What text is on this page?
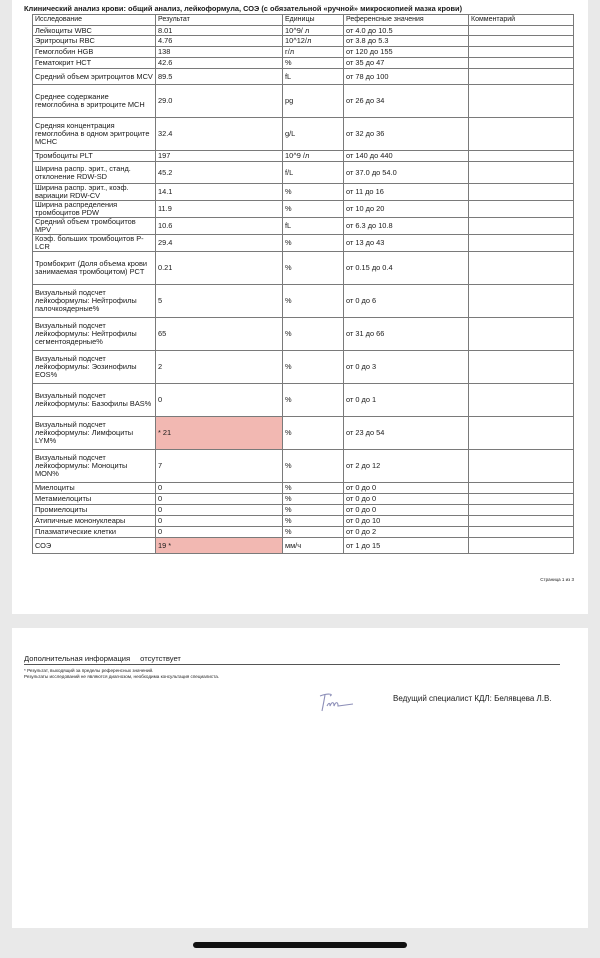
Клинический анализ крови: общий анализ, лейкоформула, СОЭ (с обязательной «ручной» микроскопией мазка крови)
Исследование	Результат	Единицы	Референсные значения	Комментарий
Лейкоциты WBC	8.01	10^9/ л	от 4.0 до 10.5	
Эритроциты RBC	4.76	10^12/л	от 3.8 до 5.3	
Гемоглобин HGB	138	г/л	от 120 до 155	
Гематокрит HCT	42.6	%	от 35 до 47	
Средний объем эритроцитов MCV	89.5	fL	от 78 до 100	
Среднее содержание гемоглобина в эритроците MCH	29.0	pg	от 26 до 34	
Средняя концентрация гемоглобина в одном эритроците MCHC	32.4	g/L	от 32 до 36	
Тромбоциты PLT	197	10^9 /л	от 140 до 440	
Ширина распр. эрит., станд. отклонение RDW-SD	45.2	f/L	от 37.0 до 54.0	
Ширина распр. эрит., коэф. вариации RDW-CV	14.1	%	от 11 до 16	
Ширина распределения тромбоцитов PDW	11.9	%	от 10 до 20	
Средний объем тромбоцитов MPV	10.6	fL	от 6.3 до 10.8	
Коэф. больших тромбоцитов P-LCR	29.4	%	от 13 до 43	
Тромбокрит (Доля объема крови занимаемая тромбоцитом) PCT	0.21	%	от 0.15 до 0.4	
Визуальный подсчет лейкоформулы: Нейтрофилы палочкоядерные%	5	%	от 0 до 6	
Визуальный подсчет лейкоформулы: Нейтрофилы сегментоядерные%	65	%	от 31 до 66	
Визуальный подсчет лейкоформулы: Эозинофилы EOS%	2	%	от 0 до 3	
Визуальный подсчет лейкоформулы: Базофилы BAS%	0	%	от 0 до 1	
Визуальный подсчет лейкоформулы: Лимфоциты LYM%	* 21	%	от 23 до 54	
Визуальный подсчет лейкоформулы: Моноциты MON%	7	%	от 2 до 12	
Миелоциты	0	%	от 0 до 0	
Метамиелоциты	0	%	от 0 до 0	
Промиелоциты	0	%	от 0 до 0	
Атипичные мононуклеары	0	%	от 0 до 10	
Плазматические клетки	0	%	от 0 до 2	
СОЭ	19 *	мм/ч	от 1 до 15	
Страница 1 из 3
Дополнительная информация отсутствует
* Результат, выходящий за пределы референсных значений.
Результаты исследований не являются диагнозом, необходима консультация специалиста.
Ведущий специалист КДЛ: Белявцева Л.В.
